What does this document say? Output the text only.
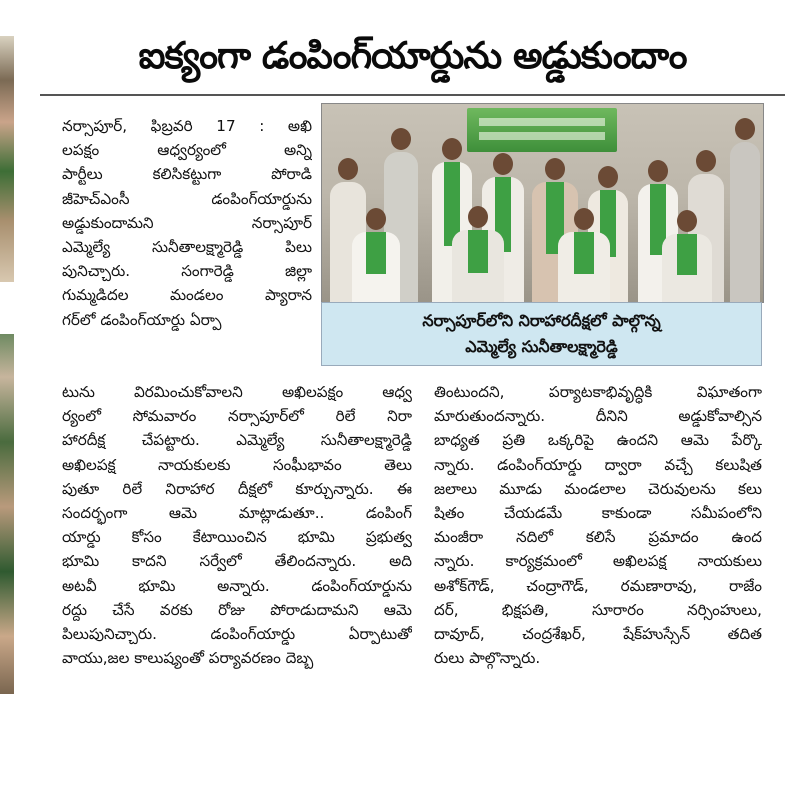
ఐక్యంగా డంపింగ్‌యార్డును అడ్డుకుందాం
నర్సాపూర్, ఫిబ్రవరి 17 : అఖి
లపక్షం ఆధ్వర్యంలో అన్ని
పార్టీలు కలిసికట్టుగా పోరాడి
జీహెచ్‌ఎంసీ డంపింగ్‌యార్డును
అడ్డుకుందామని నర్సాపూర్
ఎమ్మెల్యే సునీతాలక్ష్మారెడ్డి పిలు
పునిచ్చారు. సంగారెడ్డి జిల్లా
గుమ్మడిదల మండలం ప్యారాన
గర్‌లో డంపింగ్‌యార్డు ఏర్పా	నర్సాపూర్‌లోని నిరాహారదీక్షలో పాల్గొన్న
ఎమ్మెల్యే సునీతాలక్ష్మారెడ్డి
టును విరమించుకోవాలని అఖిలపక్షం ఆధ్వ
ర్యంలో సోమవారం నర్సాపూర్‌లో రిలే నిరా
హారదీక్ష చేపట్టారు. ఎమ్మెల్యే సునీతాలక్ష్మారెడ్డి
అఖిలపక్ష నాయకులకు సంఘీభావం తెలు
పుతూ రిలే నిరాహార దీక్షలో కూర్చున్నారు. ఈ
సందర్భంగా ఆమె మాట్లాడుతూ.. డంపింగ్
యార్డు కోసం కేటాయించిన భూమి ప్రభుత్వ
భూమి కాదని సర్వేలో తేలిందన్నారు. అది
అటవీ భూమి అన్నారు. డంపింగ్‌యార్డును
రద్దు చేసే వరకు రోజు పోరాడుదామని ఆమె
పిలుపునిచ్చారు. డంపింగ్‌యార్డు ఏర్పాటుతో
వాయు,జల కాలుష్యంతో పర్యావరణం దెబ్బ
తింటుందని, పర్యాటకాభివృద్ధికి విఘాతంగా
మారుతుందన్నారు. దీనిని అడ్డుకోవాల్సిన
బాధ్యత ప్రతి ఒక్కరిపై ఉందని ఆమె పేర్కొ
న్నారు. డంపింగ్‌యార్డు ద్వారా వచ్చే కలుషిత
జలాలు మూడు మండలాల చెరువులను కలు
షితం చేయడమే కాకుండా సమీపంలోని
మంజీరా నదిలో కలిసే ప్రమాదం ఉంద
న్నారు. కార్యక్రమంలో అఖిలపక్ష నాయకులు
అశోక్‌గౌడ్, చంద్రాగౌడ్, రమణారావు, రాజేం
దర్, భిక్షపతి, సూరారం నర్సింహులు,
దావూద్, చంద్రశేఖర్, షేక్‌హుస్సేన్ తదిత
రులు పాల్గొన్నారు.
